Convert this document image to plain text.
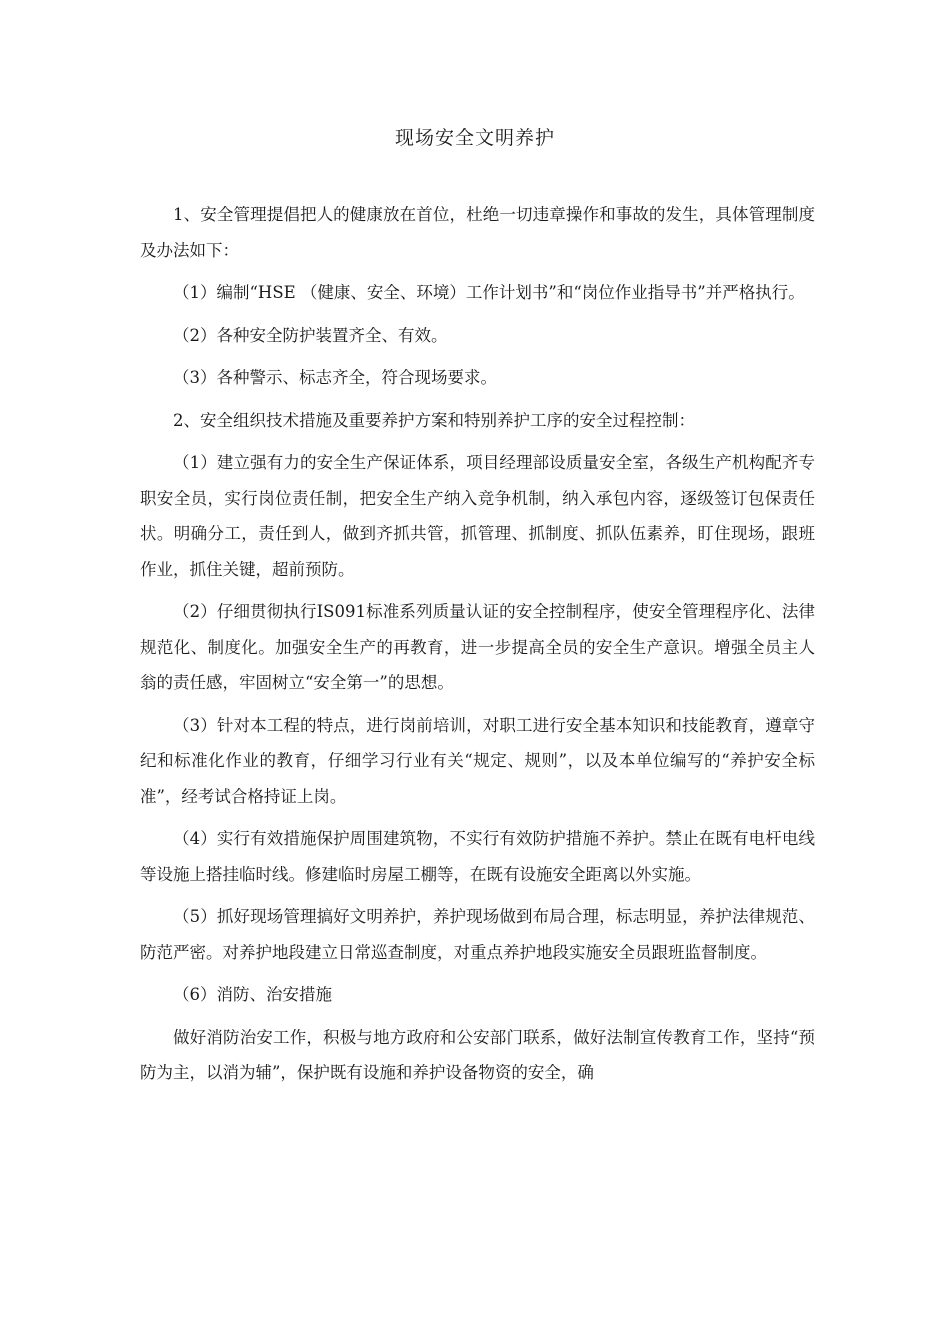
现场安全文明养护

1、安全管理提倡把人的健康放在首位，杜绝一切违章操作和事故的发生，具体管理制度及办法如下：

（1）编制“HSE （健康、安全、环境）工作计划书”和“岗位作业指导书”并严格执行。

（2）各种安全防护装置齐全、有效。

（3）各种警示、标志齐全，符合现场要求。

2、安全组织技术措施及重要养护方案和特别养护工序的安全过程控制：

（1）建立强有力的安全生产保证体系，项目经理部设质量安全室，各级生产机构配齐专职安全员，实行岗位责任制，把安全生产纳入竞争机制，纳入承包内容，逐级签订包保责任状。明确分工，责任到人，做到齐抓共管，抓管理、抓制度、抓队伍素养，盯住现场，跟班作业，抓住关键，超前预防。

（2）仔细贯彻执行IS091标准系列质量认证的安全控制程序，使安全管理程序化、法律规范化、制度化。加强安全生产的再教育，进一步提高全员的安全生产意识。增强全员主人翁的责任感，牢固树立“安全第一”的思想。

（3）针对本工程的特点，进行岗前培训，对职工进行安全基本知识和技能教育，遵章守纪和标准化作业的教育，仔细学习行业有关“规定、规则”，以及本单位编写的“养护安全标准”，经考试合格持证上岗。

（4）实行有效措施保护周围建筑物，不实行有效防护措施不养护。禁止在既有电杆电线等设施上搭挂临时线。修建临时房屋工棚等，在既有设施安全距离以外实施。

（5）抓好现场管理搞好文明养护，养护现场做到布局合理，标志明显，养护法律规范、防范严密。对养护地段建立日常巡查制度，对重点养护地段实施安全员跟班监督制度。

（6）消防、治安措施

做好消防治安工作，积极与地方政府和公安部门联系，做好法制宣传教育工作，坚持“预防为主，以消为辅”，保护既有设施和养护设备物资的安全，确
